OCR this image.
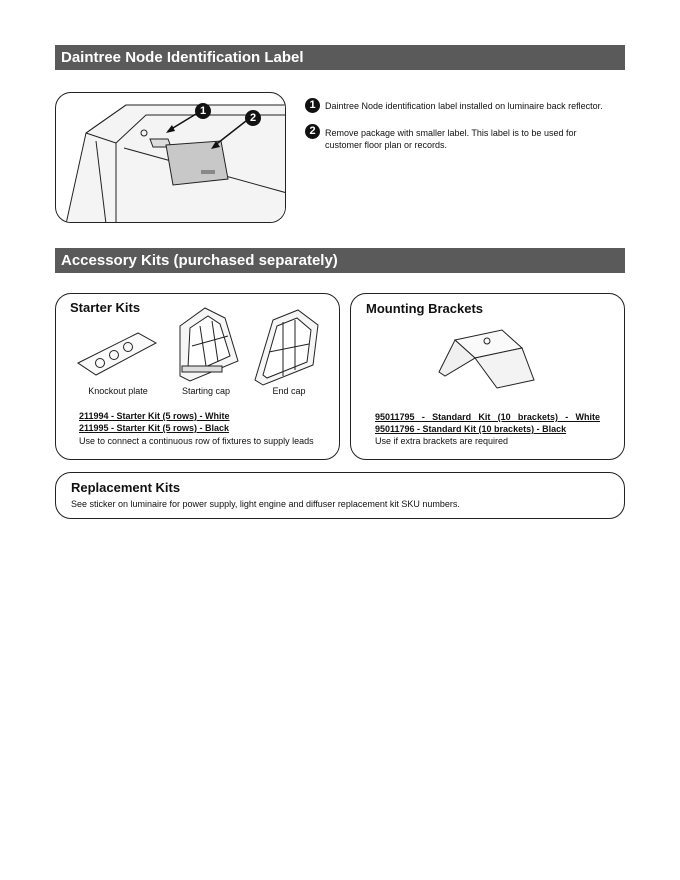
Daintree Node Identification Label
1
2
1	Daintree Node identification label installed on luminaire back reflector.
2	Remove package with smaller label. This label is to be used for
customer floor plan or records.
Accessory Kits (purchased separately)
Starter Kits
Knockout plate	Starting cap	End cap
211994 - Starter Kit (5 rows) - White
211995 - Starter Kit (5 rows) - Black
Use to connect a continuous row of fixtures to supply leads
Mounting Brackets
95011795 - Standard Kit (10 brackets) - White
95011796 - Standard Kit (10 brackets) - Black
Use if extra brackets are required
Replacement Kits
See sticker on luminaire for power supply, light engine and diffuser replacement kit SKU numbers.
